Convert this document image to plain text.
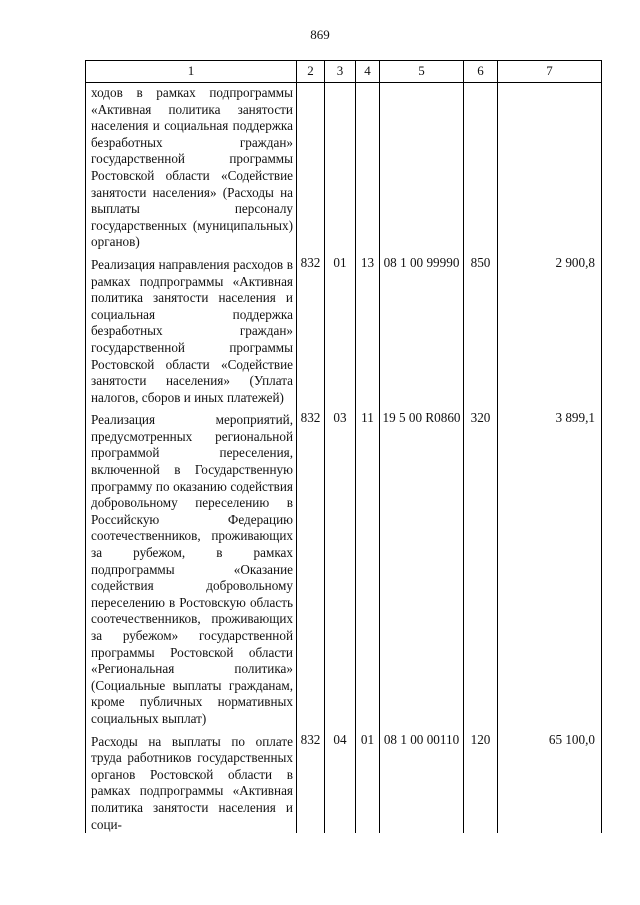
869
1	2	3	4	5	6	7
ходов в рамках подпрограммы «Активная политика занятости населения и социальная поддержка безработных граждан» государственной программы Ростовской области «Содействие занятости населения» (Расходы на выплаты персоналу государственных (муниципальных) органов)						
Реализация направления расходов в рамках подпрограммы «Активная политика занятости населения и социальная поддержка безработных граждан» государственной программы Ростовской области «Содействие занятости населения» (Уплата налогов, сборов и иных платежей)	832	01	13	08 1 00 99990	850	2 900,8
Реализация мероприятий, предусмотренных региональной программой переселения, включенной в Государственную программу по оказанию содействия добровольному переселению в Российскую Федерацию соотечественников, проживающих за рубежом, в рамках подпрограммы «Оказание содействия добровольному переселению в Ростовскую область соотечественников, проживающих за рубежом» государственной программы Ростовской области «Региональная политика» (Социальные выплаты гражданам, кроме публичных нормативных социальных выплат)	832	03	11	19 5 00 R0860	320	3 899,1
Расходы на выплаты по оплате труда работников государственных органов Ростовской области в рамках подпрограммы «Активная политика занятости населения и соци-	832	04	01	08 1 00 00110	120	65 100,0
